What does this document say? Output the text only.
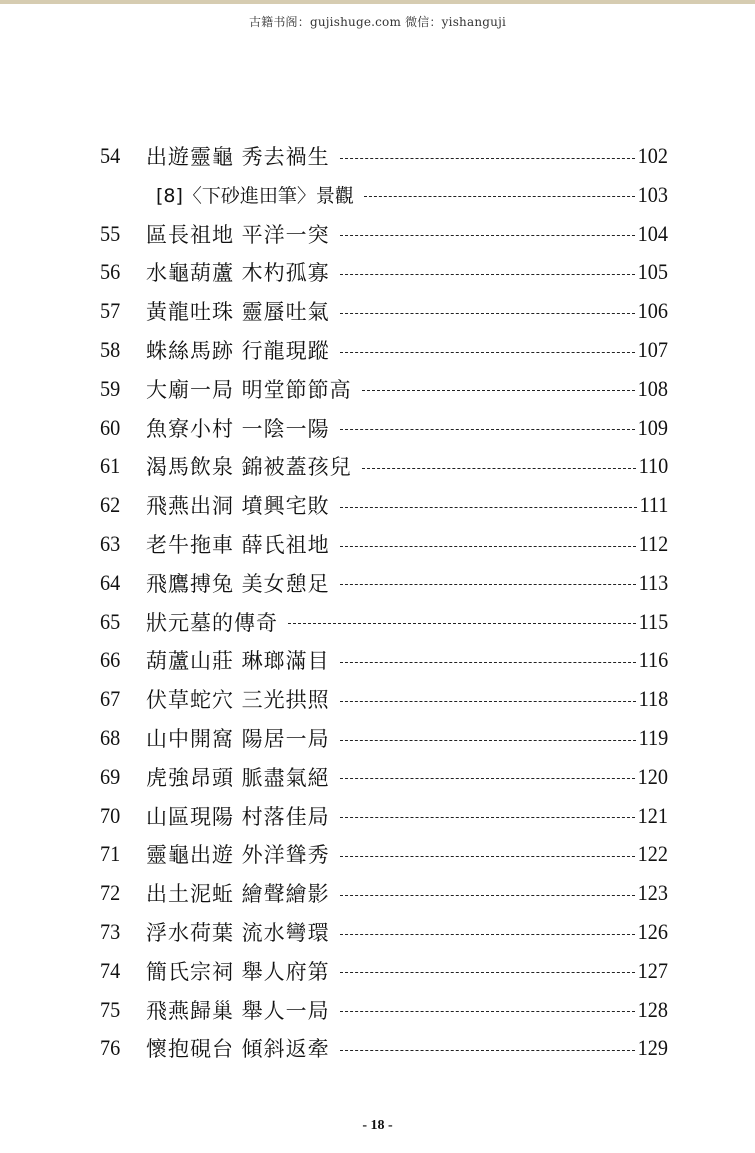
古籍书阁：gujishuge.com 微信：yishanguji
54	出遊靈龜 秀去禍生	102
[8]〈下砂進田筆〉景觀	103
55	區長祖地 平洋一突	104
56	水龜葫蘆 木杓孤寡	105
57	黃龍吐珠 靈蜃吐氣	106
58	蛛絲馬跡 行龍現蹤	107
59	大廟一局 明堂節節高	108
60	魚寮小村 一陰一陽	109
61	渴馬飲泉 錦被蓋孩兒	110
62	飛燕出洞 墳興宅敗	111
63	老牛拖車 薛氏祖地	112
64	飛鷹搏兔 美女憩足	113
65	狀元墓的傳奇	115
66	葫蘆山莊 琳瑯滿目	116
67	伏草蛇穴 三光拱照	118
68	山中開窩 陽居一局	119
69	虎強昂頭 脈盡氣絕	120
70	山區現陽 村落佳局	121
71	靈龜出遊 外洋聳秀	122
72	出土泥蚯 繪聲繪影	123
73	浮水荷葉 流水彎環	126
74	簡氏宗祠 舉人府第	127
75	飛燕歸巢 舉人一局	128
76	懷抱硯台 傾斜返牽	129
- 18 -
